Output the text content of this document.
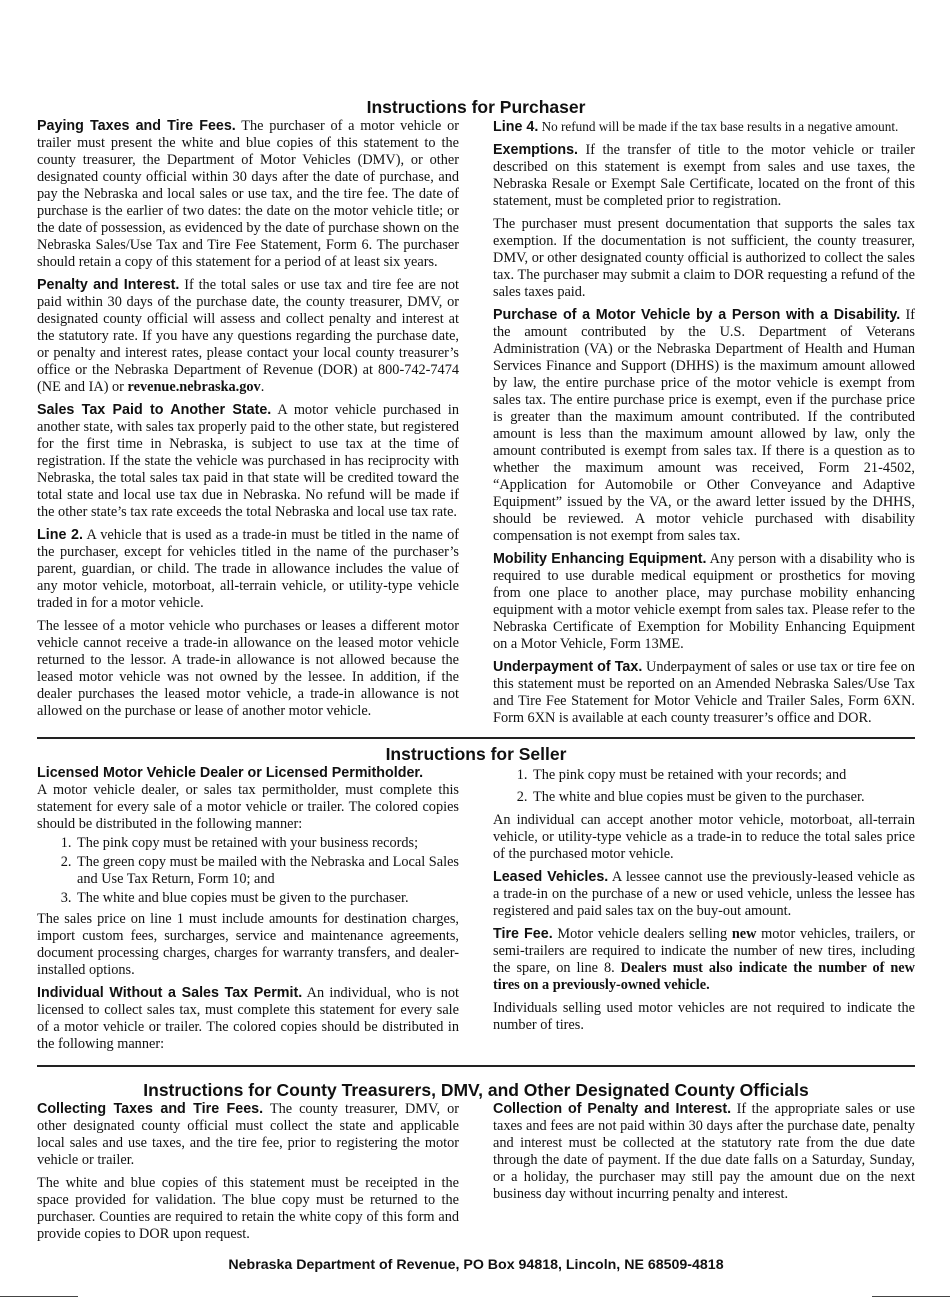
Instructions for Purchaser

Paying Taxes and Tire Fees. The purchaser of a motor vehicle or trailer must present the white and blue copies of this statement to the county treasurer, the Department of Motor Vehicles (DMV), or other designated county official within 30 days after the date of purchase, and pay the Nebraska and local sales or use tax, and the tire fee. The date of purchase is the earlier of two dates: the date on the motor vehicle title; or the date of possession, as evidenced by the date of purchase shown on the Nebraska Sales/Use Tax and Tire Fee Statement, Form 6. The purchaser should retain a copy of this statement for a period of at least six years.

Penalty and Interest. If the total sales or use tax and tire fee are not paid within 30 days of the purchase date, the county treasurer, DMV, or designated county official will assess and collect penalty and interest at the statutory rate. If you have any questions regarding the purchase date, or penalty and interest rates, please contact your local county treasurer’s office or the Nebraska Department of Revenue (DOR) at 800-742-7474 (NE and IA) or revenue.nebraska.gov.

Sales Tax Paid to Another State. A motor vehicle purchased in another state, with sales tax properly paid to the other state, but registered for the first time in Nebraska, is subject to use tax at the time of registration. If the state the vehicle was purchased in has reciprocity with Nebraska, the total sales tax paid in that state will be credited toward the total state and local use tax due in Nebraska. No refund will be made if the other state’s tax rate exceeds the total Nebraska and local use tax rate.

Line 2. A vehicle that is used as a trade-in must be titled in the name of the purchaser, except for vehicles titled in the name of the purchaser’s parent, guardian, or child. The trade in allowance includes the value of any motor vehicle, motorboat, all-terrain vehicle, or utility-type vehicle traded in for a motor vehicle.

The lessee of a motor vehicle who purchases or leases a different motor vehicle cannot receive a trade-in allowance on the leased motor vehicle returned to the lessor. A trade-in allowance is not allowed because the leased motor vehicle was not owned by the lessee. In addition, if the dealer purchases the leased motor vehicle, a trade-in allowance is not allowed on the purchase or lease of another motor vehicle.

Line 4. No refund will be made if the tax base results in a negative amount.

Exemptions. If the transfer of title to the motor vehicle or trailer described on this statement is exempt from sales and use taxes, the Nebraska Resale or Exempt Sale Certificate, located on the front of this statement, must be completed prior to registration.

The purchaser must present documentation that supports the sales tax exemption. If the documentation is not sufficient, the county treasurer, DMV, or other designated county official is authorized to collect the sales tax. The purchaser may submit a claim to DOR requesting a refund of the sales taxes paid.

Purchase of a Motor Vehicle by a Person with a Disability. If the amount contributed by the U.S. Department of Veterans Administration (VA) or the Nebraska Department of Health and Human Services Finance and Support (DHHS) is the maximum amount allowed by law, the entire purchase price of the motor vehicle is exempt from sales tax. The entire purchase price is exempt, even if the purchase price is greater than the maximum amount contributed. If the contributed amount is less than the maximum amount allowed by law, only the amount contributed is exempt from sales tax. If there is a question as to whether the maximum amount was received, Form 21-4502, “Application for Automobile or Other Conveyance and Adaptive Equipment” issued by the VA, or the award letter issued by the DHHS, should be reviewed. A motor vehicle purchased with disability compensation is not exempt from sales tax.

Mobility Enhancing Equipment. Any person with a disability who is required to use durable medical equipment or prosthetics for moving from one place to another place, may purchase mobility enhancing equipment with a motor vehicle exempt from sales tax. Please refer to the Nebraska Certificate of Exemption for Mobility Enhancing Equipment on a Motor Vehicle, Form 13ME.

Underpayment of Tax. Underpayment of sales or use tax or tire fee on this statement must be reported on an Amended Nebraska Sales/Use Tax and Tire Fee Statement for Motor Vehicle and Trailer Sales, Form 6XN. Form 6XN is available at each county treasurer’s office and DOR.

Instructions for Seller
Licensed Motor Vehicle Dealer or Licensed Permitholder.

A motor vehicle dealer, or sales tax permitholder, must complete this statement for every sale of a motor vehicle or trailer. The colored copies should be distributed in the following manner:

1. The pink copy must be retained with your business records;
2. The green copy must be mailed with the Nebraska and Local Sales and Use Tax Return, Form 10; and
3. The white and blue copies must be given to the purchaser.

The sales price on line 1 must include amounts for destination charges, import custom fees, surcharges, service and maintenance agreements, document processing charges, charges for warranty transfers, and dealer-installed options.

Individual Without a Sales Tax Permit. An individual, who is not licensed to collect sales tax, must complete this statement for every sale of a motor vehicle or trailer. The colored copies should be distributed in the following manner:

1. The pink copy must be retained with your records; and
2. The white and blue copies must be given to the purchaser.

An individual can accept another motor vehicle, motorboat, all-terrain vehicle, or utility-type vehicle as a trade-in to reduce the total sales price of the purchased motor vehicle.

Leased Vehicles. A lessee cannot use the previously-leased vehicle as a trade-in on the purchase of a new or used vehicle, unless the lessee has registered and paid sales tax on the buy-out amount.

Tire Fee. Motor vehicle dealers selling new motor vehicles, trailers, or semi-trailers are required to indicate the number of new tires, including the spare, on line 8. Dealers must also indicate the number of new tires on a previously-owned vehicle.

Individuals selling used motor vehicles are not required to indicate the number of tires.

Instructions for County Treasurers, DMV, and Other Designated County Officials

Collecting Taxes and Tire Fees. The county treasurer, DMV, or other designated county official must collect the state and applicable local sales and use taxes, and the tire fee, prior to registering the motor vehicle or trailer.

The white and blue copies of this statement must be receipted in the space provided for validation. The blue copy must be returned to the purchaser. Counties are required to retain the white copy of this form and provide copies to DOR upon request.

Collection of Penalty and Interest. If the appropriate sales or use taxes and fees are not paid within 30 days after the purchase date, penalty and interest must be collected at the statutory rate from the due date through the date of payment. If the due date falls on a Saturday, Sunday, or a holiday, the purchaser may still pay the amount due on the next business day without incurring penalty and interest.

Nebraska Department of Revenue, PO Box 94818, Lincoln, NE 68509-4818
